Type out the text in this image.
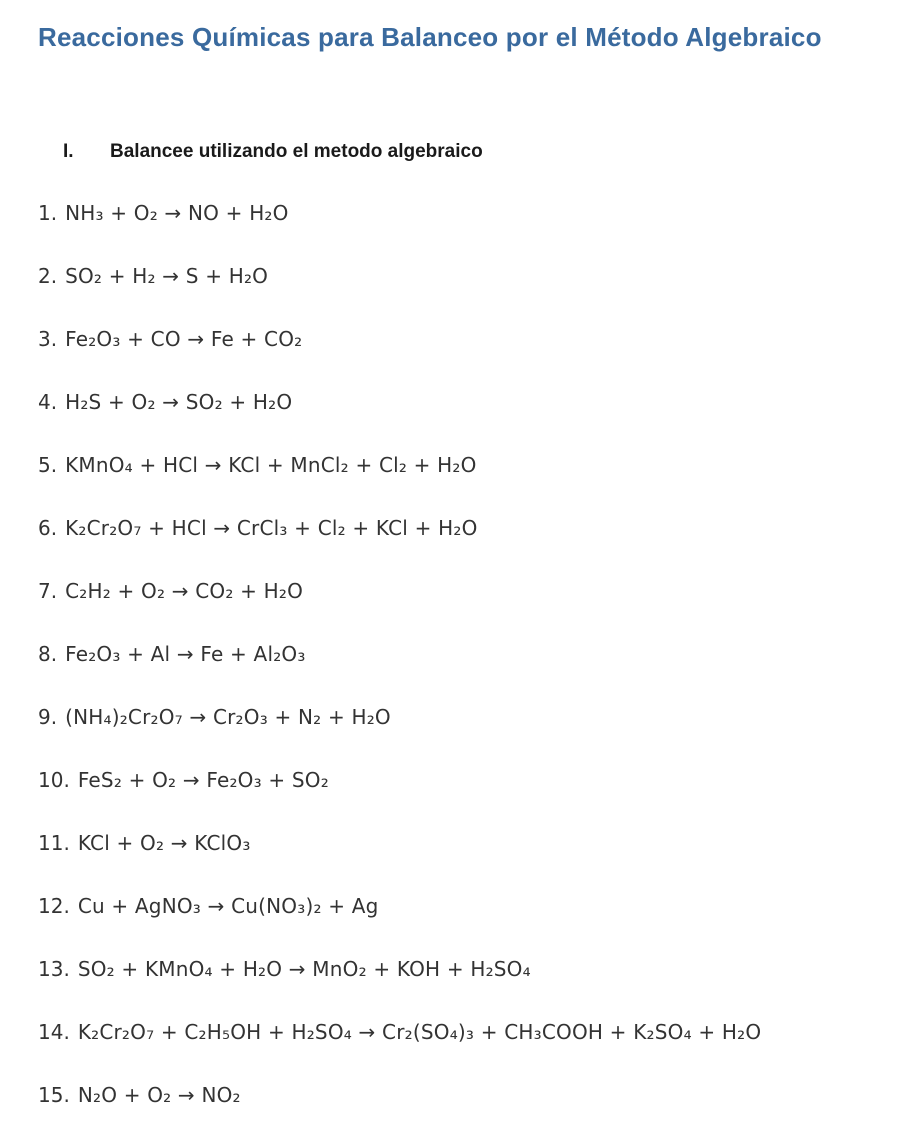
Reacciones Químicas para Balanceo por el Método Algebraico
I.	Balancee utilizando el metodo algebraico
1. NH₃ + O₂ → NO + H₂O
2. SO₂ + H₂ → S + H₂O
3. Fe₂O₃ + CO → Fe + CO₂
4. H₂S + O₂ → SO₂ + H₂O
5. KMnO₄ + HCl → KCl + MnCl₂ + Cl₂ + H₂O
6. K₂Cr₂O₇ + HCl → CrCl₃ + Cl₂ + KCl + H₂O
7. C₂H₂ + O₂ → CO₂ + H₂O
8. Fe₂O₃ + Al → Fe + Al₂O₃
9. (NH₄)₂Cr₂O₇ → Cr₂O₃ + N₂ + H₂O
10. FeS₂ + O₂ → Fe₂O₃ + SO₂
11. KCl + O₂ → KClO₃
12. Cu + AgNO₃ → Cu(NO₃)₂ + Ag
13. SO₂ + KMnO₄ + H₂O → MnO₂ + KOH + H₂SO₄
14. K₂Cr₂O₇ + C₂H₅OH + H₂SO₄ → Cr₂(SO₄)₃ + CH₃COOH + K₂SO₄ + H₂O
15. N₂O + O₂ → NO₂
